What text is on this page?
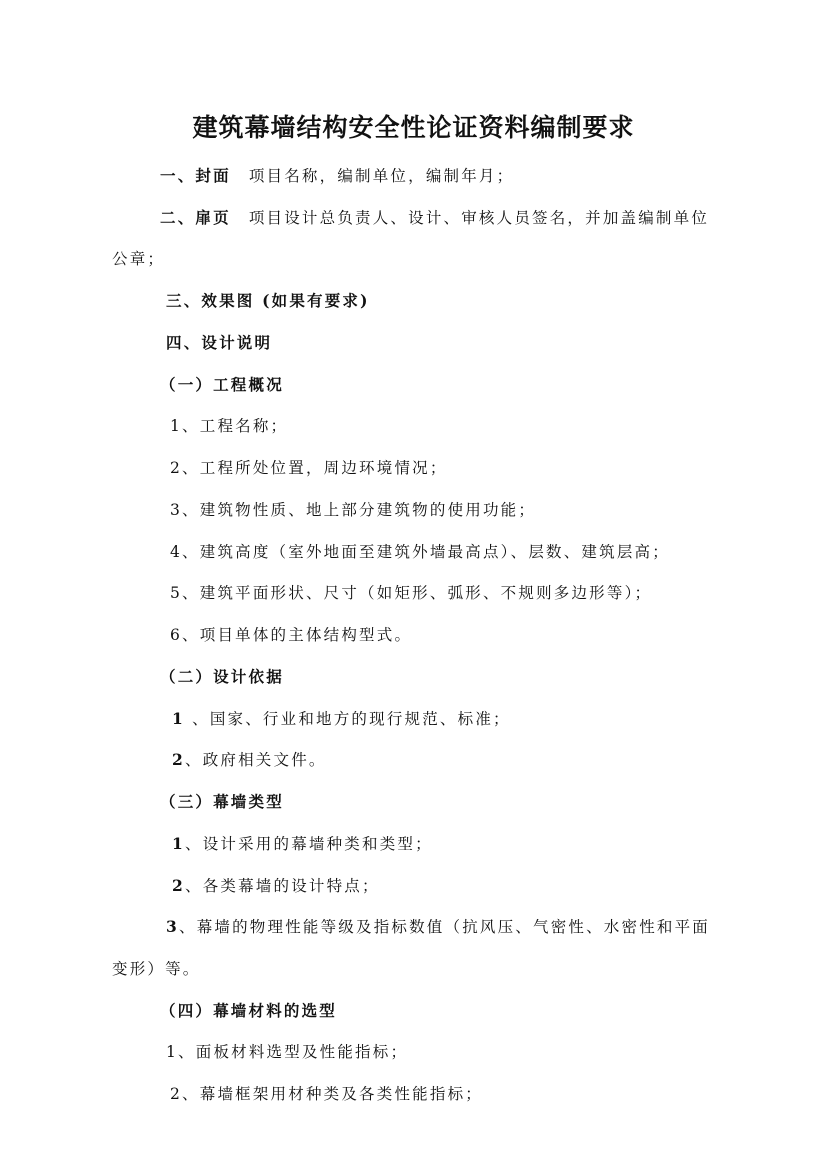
建筑幕墙结构安全性论证资料编制要求
一、封面 项目名称，编制单位，编制年月；
二、扉页 项目设计总负责人、设计、审核人员签名，并加盖编制单位
公章；
三、效果图 (如果有要求)
四、设计说明
（一）工程概况
1、工程名称；
2、工程所处位置，周边环境情况；
3、建筑物性质、地上部分建筑物的使用功能；
4、建筑高度（室外地面至建筑外墙最高点）、层数、建筑层高；
5、建筑平面形状、尺寸（如矩形、弧形、不规则多边形等）；
6、项目单体的主体结构型式。
（二）设计依据
1 、国家、行业和地方的现行规范、标准；
2、政府相关文件。
（三）幕墙类型
1、设计采用的幕墙种类和类型；
2、各类幕墙的设计特点；
3、幕墙的物理性能等级及指标数值（抗风压、气密性、水密性和平面
变形）等。
（四）幕墙材料的选型
1、面板材料选型及性能指标；
2、幕墙框架用材种类及各类性能指标；
